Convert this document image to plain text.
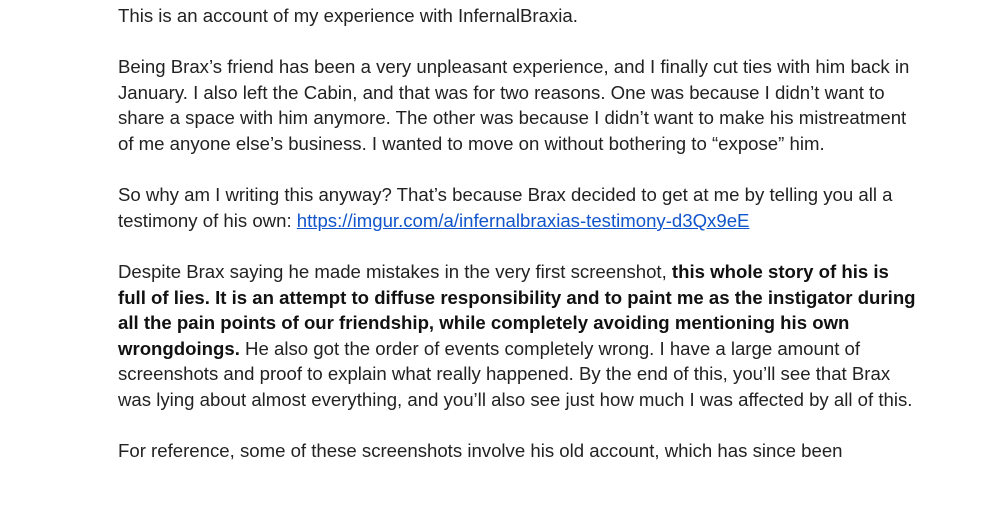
This is an account of my experience with InfernalBraxia.

Being Brax’s friend has been a very unpleasant experience, and I finally cut ties with him back in January. I also left the Cabin, and that was for two reasons. One was because I didn’t want to share a space with him anymore. The other was because I didn’t want to make his mistreatment of me anyone else’s business. I wanted to move on without bothering to “expose” him.

So why am I writing this anyway? That’s because Brax decided to get at me by telling you all a testimony of his own: https://imgur.com/a/infernalbraxias-testimony-d3Qx9eE

Despite Brax saying he made mistakes in the very first screenshot, this whole story of his is full of lies. It is an attempt to diffuse responsibility and to paint me as the instigator during all the pain points of our friendship, while completely avoiding mentioning his own wrongdoings. He also got the order of events completely wrong. I have a large amount of screenshots and proof to explain what really happened. By the end of this, you’ll see that Brax was lying about almost everything, and you’ll also see just how much I was affected by all of this.

For reference, some of these screenshots involve his old account, which has since been
